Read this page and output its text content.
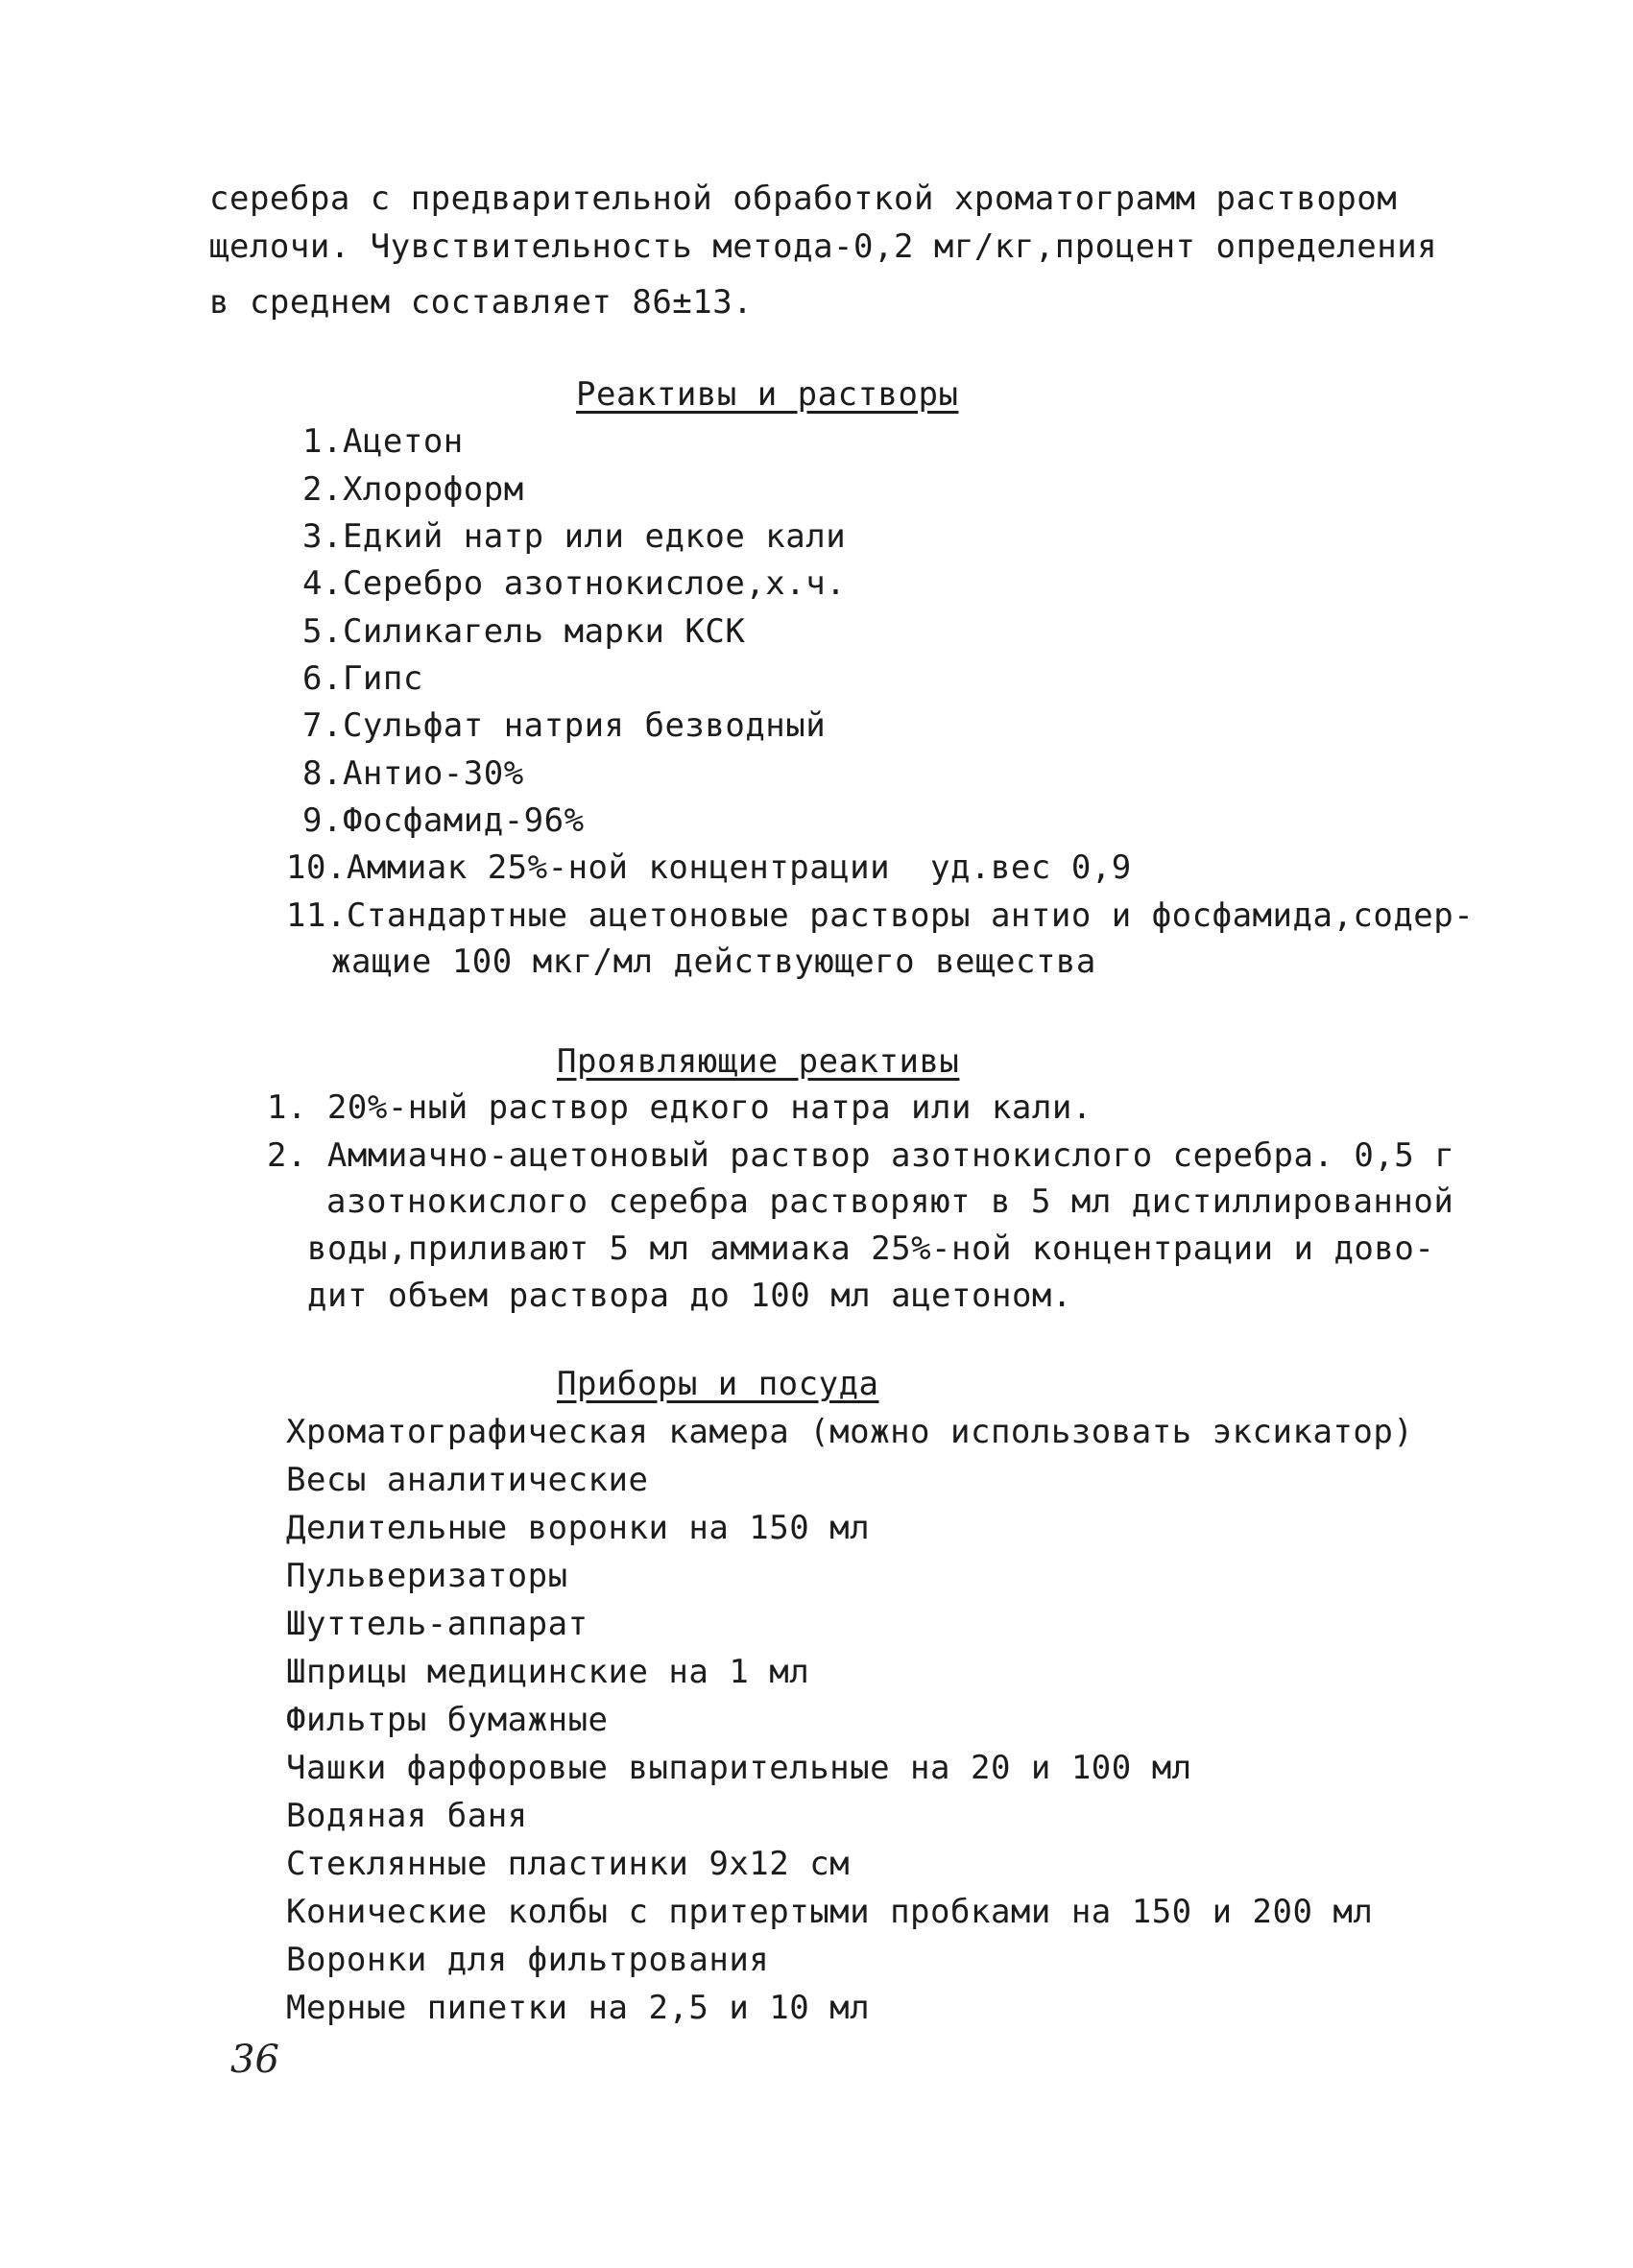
серебра с предварительной обработкой хроматограмм раствором
щелочи. Чувствительность метода-0,2 мг/кг,процент определения
в среднем составляет 86±13.
Реактивы и растворы
1.Ацетон
2.Хлороформ
3.Едкий натр или едкое кали
4.Серебро азотнокислое,х.ч.
5.Силикагель марки КСК
6.Гипс
7.Сульфат натрия безводный
8.Антио-30%
9.Фосфамид-96%
10.Аммиак 25%-ной концентрации  уд.вес 0,9
11.Стандартные ацетоновые растворы антио и фосфамида,содер-
жащие 100 мкг/мл действующего вещества
Проявляющие реактивы
1. 20%-ный раствор едкого натра или кали.
2. Аммиачно-ацетоновый раствор азотнокислого серебра. 0,5 г
азотнокислого серебра растворяют в 5 мл дистиллированной
воды,приливают 5 мл аммиака 25%-ной концентрации и дово-
дит объем раствора до 100 мл ацетоном.
Приборы и посуда
Хроматографическая камера (можно использовать эксикатор)
Весы аналитические
Делительные воронки на 150 мл
Пульверизаторы
Шуттель-аппарат
Шприцы медицинские на 1 мл
Фильтры бумажные
Чашки фарфоровые выпарительные на 20 и 100 мл
Водяная баня
Стеклянные пластинки 9х12 см
Конические колбы с притертыми пробками на 150 и 200 мл
Воронки для фильтрования
Мерные пипетки на 2,5 и 10 мл
36
